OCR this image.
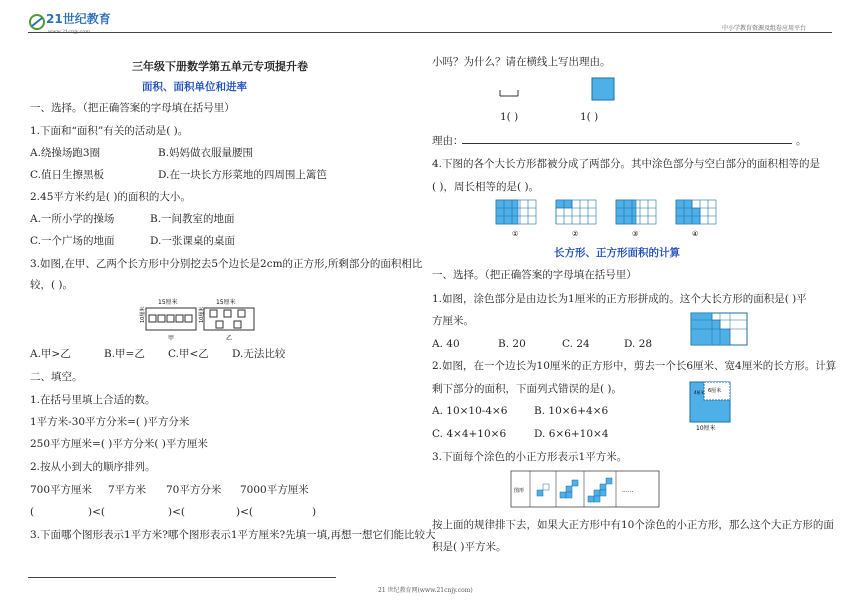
21世纪教育
中小学教育资源及组卷应用平台
三年级下册数学第五单元专项提升卷
面积、面积单位和进率
一、选择。（把正确答案的字母填在括号里）
1.下面和“面积”有关的活动是( )。
A.绕操场跑3圈	B.妈妈做衣服量腰围
C.值日生擦黑板	D.在一块长方形菜地的四周围上篱笆
2.45平方米约是( )的面积的大小。
A.一所小学的操场	B.一间教室的地面
C.一个广场的地面	D.一张课桌的桌面
3.如图,在甲、乙两个长方形中分别挖去5个边长是2cm的正方形,所剩部分的面积相比
较，( )。
15厘米	15厘米
10厘米	10厘米
甲	乙
A.甲>乙	B.甲=乙 C.甲<乙 D.无法比较
二、填空。
1.在括号里填上合适的数。
1平方米-30平方分米=( )平方分米
250平方厘米=( )平方分米( )平方厘米
2.按从小到大的顺序排列。
700平方厘米 7平方米 70平方分米 7000平方厘米
(	)<(	)<(	)<(	)
3.下面哪个图形表示1平方米?哪个图形表示1平方厘米?先填一填,再想一想它们能比较大
21 世纪教育网(www.21cnjy.com)
小吗？为什么？请在横线上写出理由。
1( )	1( )
理由：	。
4.下图的各个大长方形都被分成了两部分。其中涂色部分与空白部分的面积相等的是
( )，周长相等的是( )。
①	②	③	④
长方形、正方形面积的计算
一、选择。（把正确答案的字母填在括号里）
1.如图，涂色部分是由边长为1厘米的正方形拼成的。这个大长方形的面积是( )平
方厘米。
A. 40	B. 20	C. 24	D. 28
2.如图，在一个边长为10厘米的正方形中，剪去一个长6厘米、宽4厘米的长方形。计算
剩下部分的面积，下面列式错误的是( )。
A. 10×10-4×6	B. 10×6+4×6
C. 4×4+10×6	D. 6×6+10×4
6厘米
4厘米
10厘米
3.下面每个涂色的小正方形表示1平方米。
图形	......
按上面的规律排下去，如果大正方形中有10个涂色的小正方形，那么这个大正方形的面
积是( )平方米。
